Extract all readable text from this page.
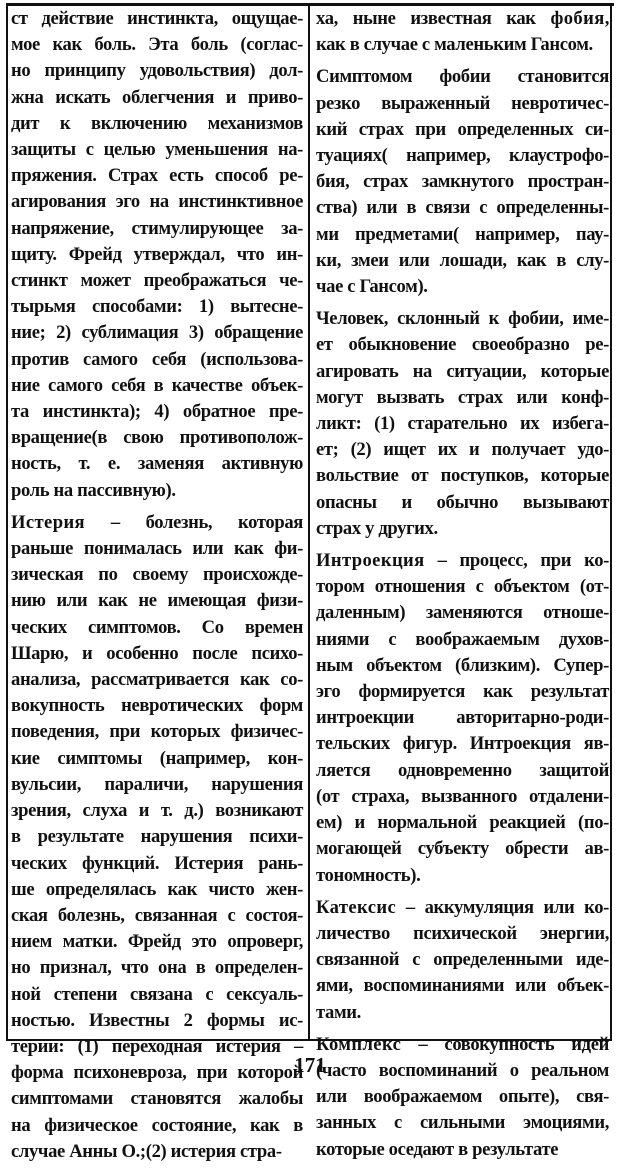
ст действие инстинкта, ощущае-
мое как боль. Эта боль (соглас-
но принципу удовольствия) дол-
жна искать облегчения и приво-
дит к включению механизмов
защиты с целью уменьшения на-
пряжения. Страх есть способ ре-
агирования эго на инстинктивное
напряжение, стимулирующее за-
щиту. Фрейд утверждал, что ин-
стинкт может преображаться че-
тырьмя способами: 1) вытесне-
ние; 2) сублимация 3) обращение
против самого себя (использова-
ние самого себя в качестве объек-
та инстинкта); 4) обратное пре-
вращение(в свою противополож-
ность, т. е. заменяя активную
роль на пассивную).
Истерия – болезнь, которая
раньше понималась или как фи-
зическая по своему происхожде-
нию или как не имеющая физи-
ческих симптомов. Со времен
Шарю, и особенно после психо-
анализа, рассматривается как со-
вокупность невротических форм
поведения, при которых физичес-
кие симптомы (например, кон-
вульсии, параличи, нарушения
зрения, слуха и т. д.) возникают
в результате нарушения психи-
ческих функций. Истерия рань-
ше определялась как чисто жен-
ская болезнь, связанная с состоя-
нием матки. Фрейд это опроверг,
но признал, что она в определен-
ной степени связана с сексуаль-
ностью. Известны 2 формы ис-
терии: (1) переходная истерия –
форма психоневроза, при которой
симптомами становятся жалобы
на физическое состояние, как в
случае Анны О.;(2) истерия стра-
ха, ныне известная как фобия,
как в случае с маленьким Гансом.
Симптомом фобии становится
резко выраженный невротичес-
кий страх при определенных си-
туациях( например, клаустрофо-
бия, страх замкнутого простран-
ства) или в связи с определенны-
ми предметами( например, пау-
ки, змеи или лошади, как в слу-
чае с Гансом).
Человек, склонный к фобии, име-
ет обыкновение своеобразно ре-
агировать на ситуации, которые
могут вызвать страх или конф-
ликт: (1) старательно их избега-
ет; (2) ищет их и получает удо-
вольствие от поступков, которые
опасны и обычно вызывают
страх у других.
Интроекция – процесс, при ко-
тором отношения с объектом (от-
даленным) заменяются отноше-
ниями с воображаемым духов-
ным объектом (близким). Супер-
эго формируется как результат
интроекции авторитарно-роди-
тельских фигур. Интроекция яв-
ляется одновременно защитой
(от страха, вызванного отдалени-
ем) и нормальной реакцией (по-
могающей субъекту обрести ав-
тономность).
Катексис – аккумуляция или ко-
личество психической энергии,
связанной с определенными иде-
ями, воспоминаниями или объек-
тами.
Комплекс – совокупность идей
(часто воспоминаний о реальном
или воображаемом опыте), свя-
занных с сильными эмоциями,
которые оседают в результате
171
